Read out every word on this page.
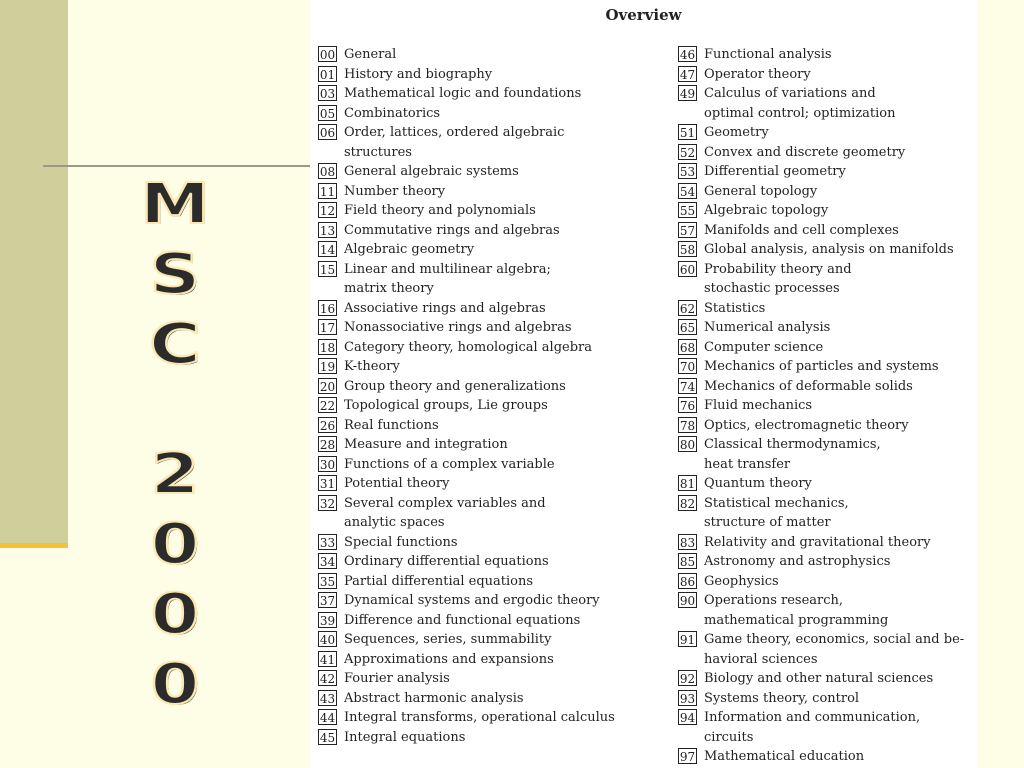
M
S
C
2
0
0
0
Overview
00 General
01 History and biography
03 Mathematical logic and foundations
05 Combinatorics
06 Order, lattices, ordered algebraic
structures
08 General algebraic systems
11 Number theory
12 Field theory and polynomials
13 Commutative rings and algebras
14 Algebraic geometry
15 Linear and multilinear algebra;
matrix theory
16 Associative rings and algebras
17 Nonassociative rings and algebras
18 Category theory, homological algebra
19 K-theory
20 Group theory and generalizations
22 Topological groups, Lie groups
26 Real functions
28 Measure and integration
30 Functions of a complex variable
31 Potential theory
32 Several complex variables and
analytic spaces
33 Special functions
34 Ordinary differential equations
35 Partial differential equations
37 Dynamical systems and ergodic theory
39 Difference and functional equations
40 Sequences, series, summability
41 Approximations and expansions
42 Fourier analysis
43 Abstract harmonic analysis
44 Integral transforms, operational calculus
45 Integral equations
46 Functional analysis
47 Operator theory
49 Calculus of variations and
optimal control; optimization
51 Geometry
52 Convex and discrete geometry
53 Differential geometry
54 General topology
55 Algebraic topology
57 Manifolds and cell complexes
58 Global analysis, analysis on manifolds
60 Probability theory and
stochastic processes
62 Statistics
65 Numerical analysis
68 Computer science
70 Mechanics of particles and systems
74 Mechanics of deformable solids
76 Fluid mechanics
78 Optics, electromagnetic theory
80 Classical thermodynamics,
heat transfer
81 Quantum theory
82 Statistical mechanics,
structure of matter
83 Relativity and gravitational theory
85 Astronomy and astrophysics
86 Geophysics
90 Operations research,
mathematical programming
91 Game theory, economics, social and be-
havioral sciences
92 Biology and other natural sciences
93 Systems theory, control
94 Information and communication,
circuits
97 Mathematical education
